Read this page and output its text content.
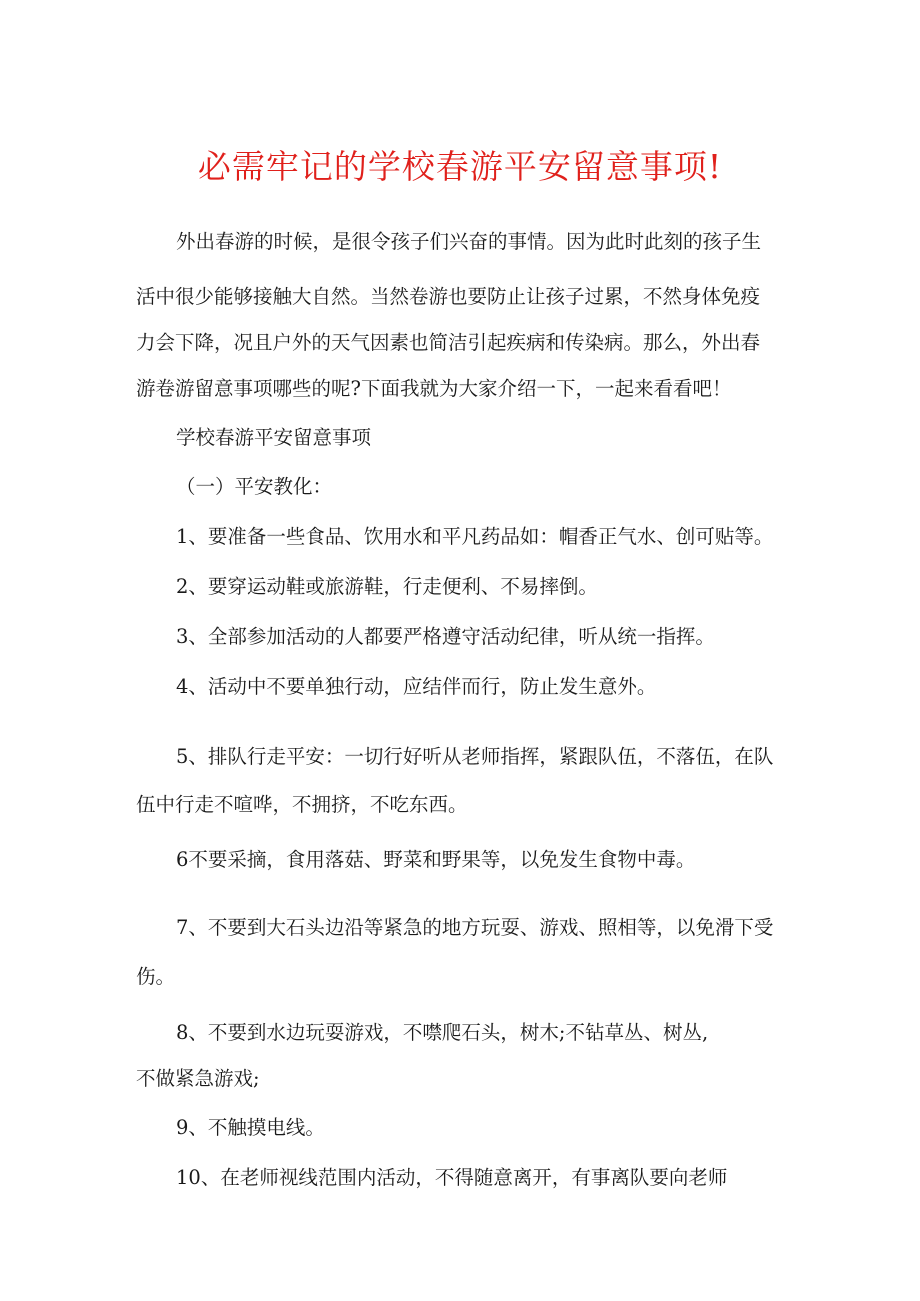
必需牢记的学校春游平安留意事项!
外出春游的时候，是很令孩子们兴奋的事情。因为此时此刻的孩子生
活中很少能够接触大自然。当然卷游也要防止让孩子过累，不然身体免疫
力会下降，况且户外的天气因素也简洁引起疾病和传染病。那么，外出春
游卷游留意事项哪些的呢?下面我就为大家介绍一下，一起来看看吧！
学校春游平安留意事项
（一）平安教化：
1、要准备一些食品、饮用水和平凡药品如：帽香正气水、创可贴等。
2、要穿运动鞋或旅游鞋，行走便利、不易摔倒。
3、全部参加活动的人都要严格遵守活动纪律，听从统一指挥。
4、活动中不要单独行动，应结伴而行，防止发生意外。
5、排队行走平安：一切行好听从老师指挥，紧跟队伍，不落伍，在队
伍中行走不喧哗，不拥挤，不吃东西。
6不要采摘，食用落菇、野菜和野果等，以免发生食物中毒。
7、不要到大石头边沿等紧急的地方玩耍、游戏、照相等，以免滑下受
伤。
8、不要到水边玩耍游戏，不噤爬石头，树木;不钻草丛、树丛,
不做紧急游戏;
9、不触摸电线。
10、在老师视线范围内活动，不得随意离开，有事离队要向老师
